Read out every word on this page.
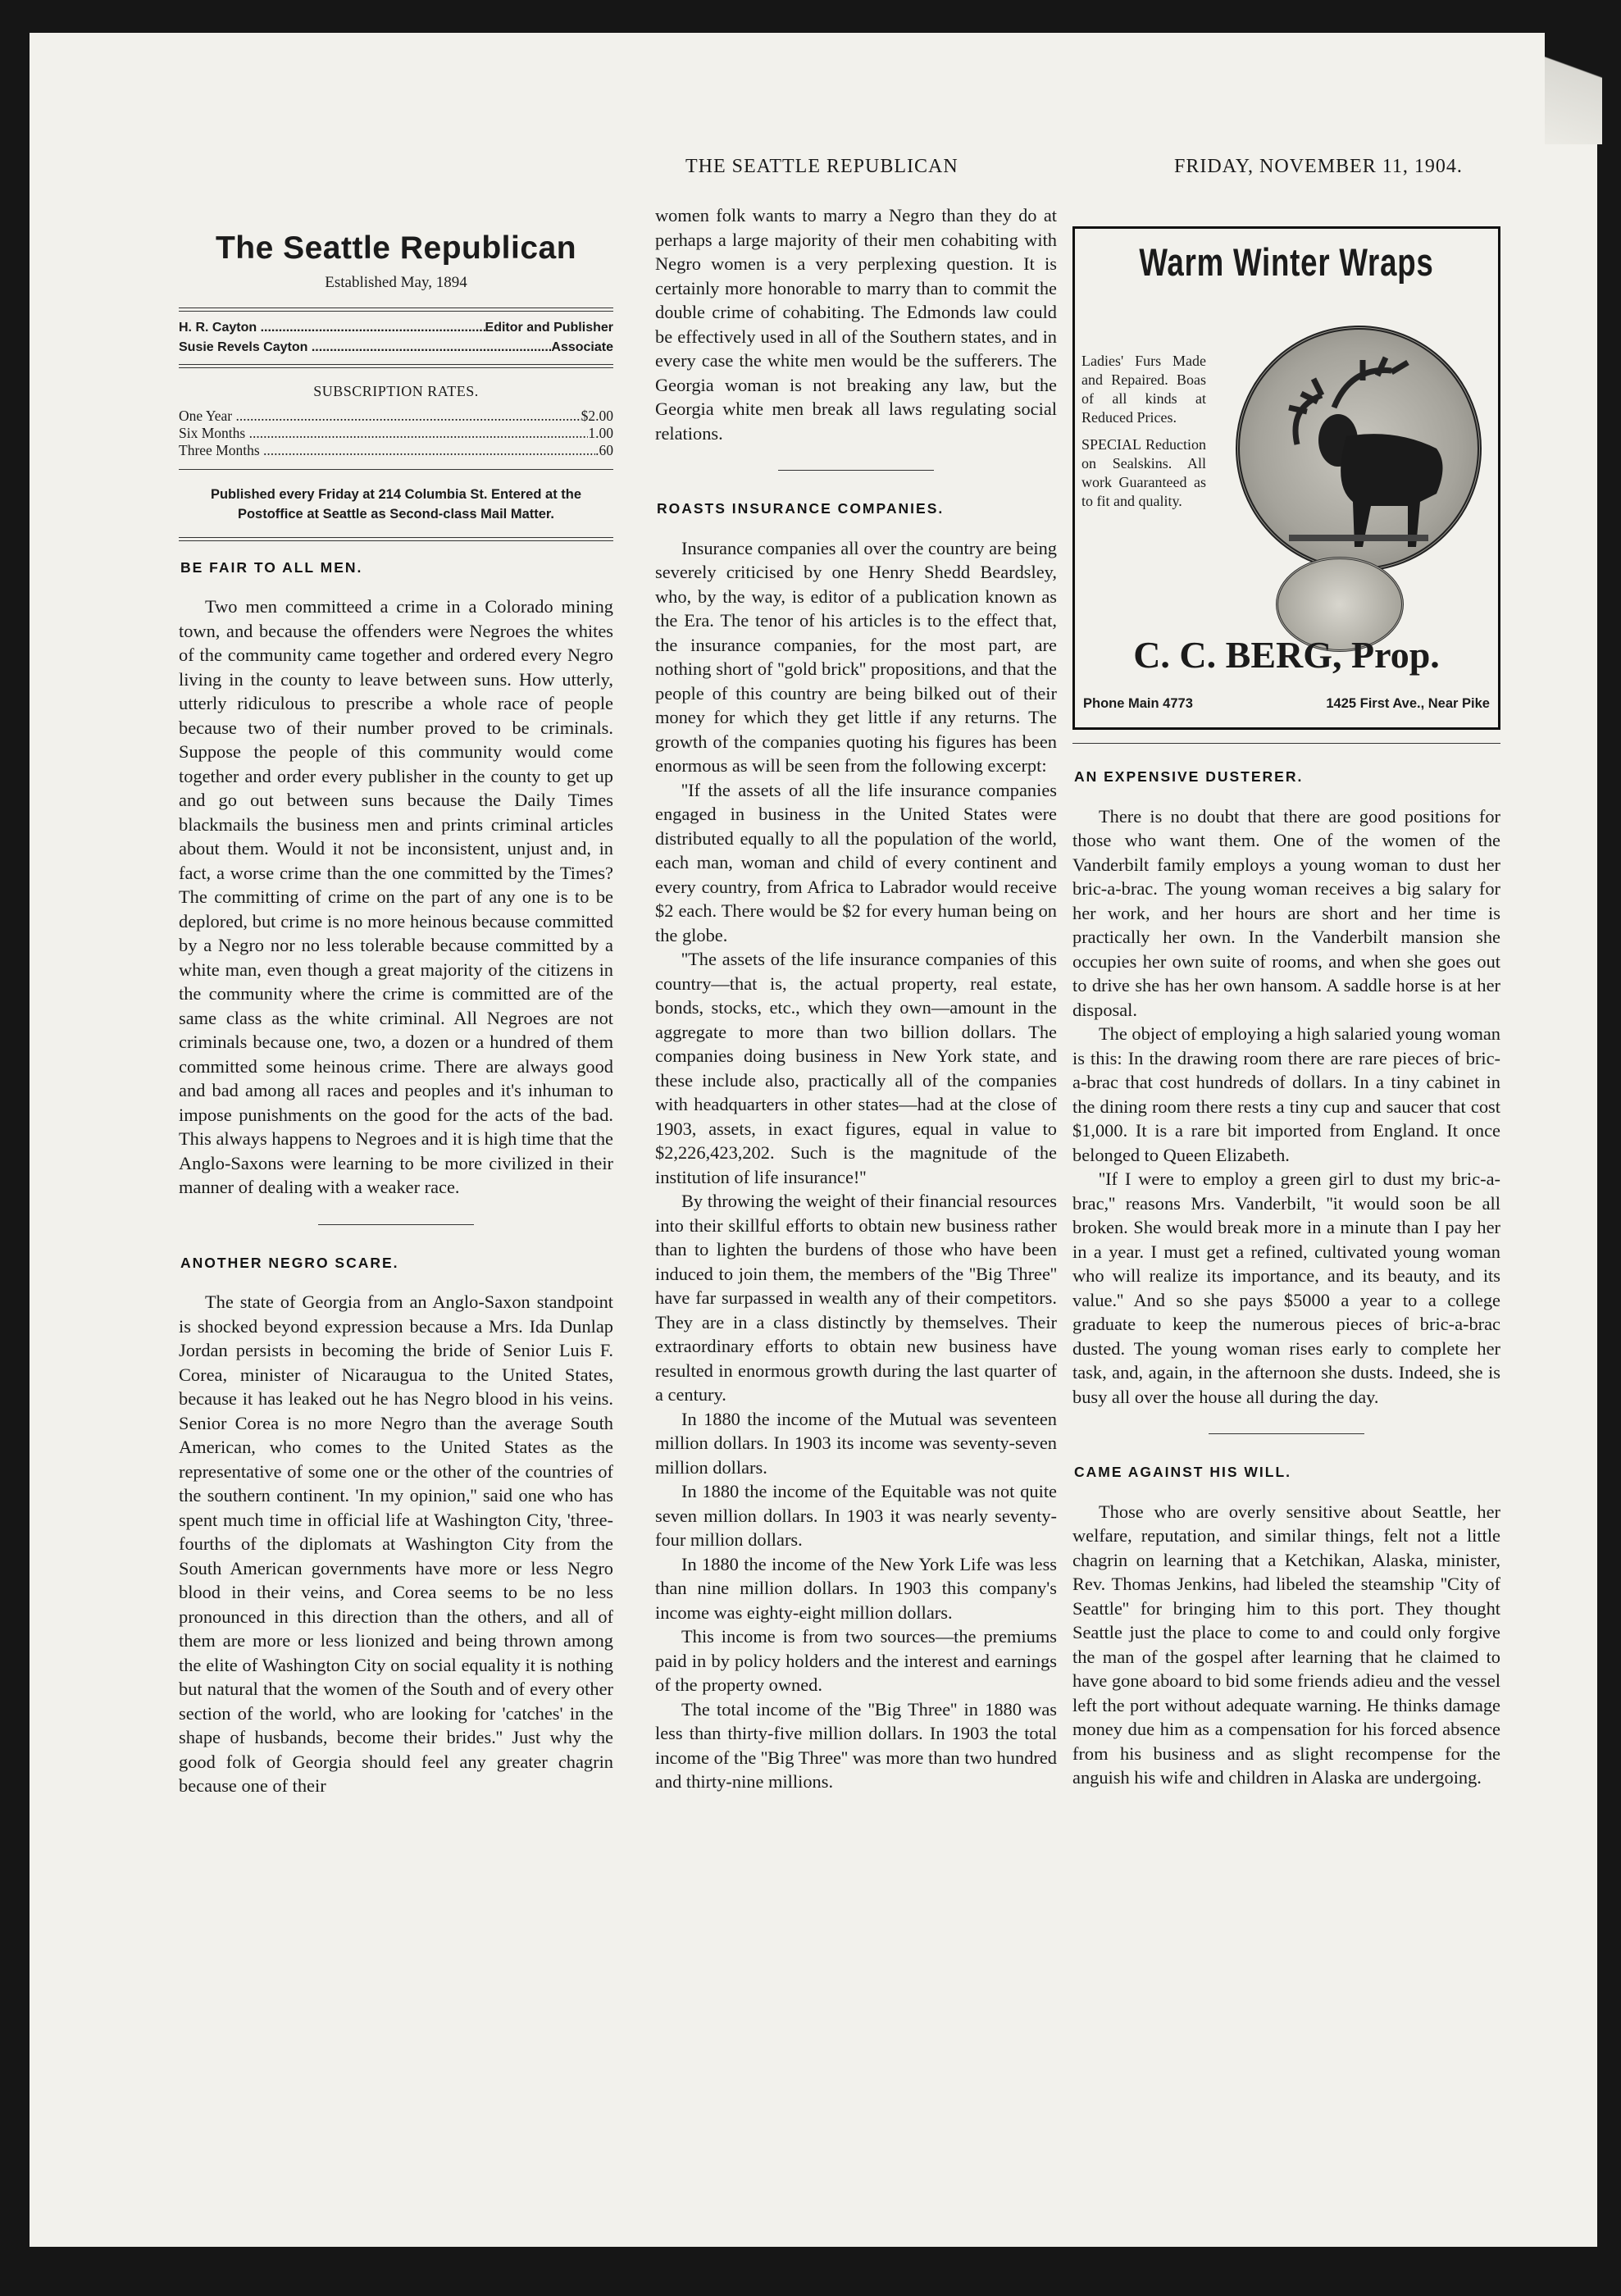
THE SEATTLE REPUBLICAN	FRIDAY, NOVEMBER 11, 1904.
The Seattle Republican
Established May, 1894
H. R. Cayton .....	Editor and Publisher
Susie Revels Cayton .....	Associate
SUBSCRIPTION RATES.
One Year .....	$2.00
Six Months .....	1.00
Three Months .....	.60
Published every Friday at 214 Columbia St. Entered at the Postoffice at Seattle as Second-class Mail Matter.
BE FAIR TO ALL MEN.

Two men committeed a crime in a Colorado mining town, and because the offenders were Negroes the whites of the community came together and ordered every Negro living in the county to leave between suns. How utterly, utterly ridiculous to prescribe a whole race of people because two of their number proved to be criminals. Suppose the people of this community would come together and order every publisher in the county to get up and go out between suns because the Daily Times blackmails the business men and prints criminal articles about them. Would it not be inconsistent, unjust and, in fact, a worse crime than the one committed by the Times? The committing of crime on the part of any one is to be deplored, but crime is no more heinous because committed by a Negro nor no less tolerable because committed by a white man, even though a great majority of the citizens in the community where the crime is committed are of the same class as the white criminal. All Negroes are not criminals because one, two, a dozen or a hundred of them committed some heinous crime. There are always good and bad among all races and peoples and it's inhuman to impose punishments on the good for the acts of the bad. This always happens to Negroes and it is high time that the Anglo-Saxons were learning to be more civilized in their manner of dealing with a weaker race.

ANOTHER NEGRO SCARE.

The state of Georgia from an Anglo-Saxon standpoint is shocked beyond expression because a Mrs. Ida Dunlap Jordan persists in becoming the bride of Senior Luis F. Corea, minister of Nicaraugua to the United States, because it has leaked out he has Negro blood in his veins. Senior Corea is no more Negro than the average South American, who comes to the United States as the representative of some one or the other of the countries of the southern continent. 'In my opinion,'' said one who has spent much time in official life at Washington City, 'three-fourths of the diplomats at Washington City from the South American governments have more or less Negro blood in their veins, and Corea seems to be no less pronounced in this direction than the others, and all of them are more or less lionized and being thrown among the elite of Washington City on social equality it is nothing but natural that the women of the South and of every other section of the world, who are looking for 'catches' in the shape of husbands, become their brides.'' Just why the good folk of Georgia should feel any greater chagrin because one of their

women folk wants to marry a Negro than they do at perhaps a large majority of their men cohabiting with Negro women is a very perplexing question. It is certainly more honorable to marry than to commit the double crime of cohabiting. The Edmonds law could be effectively used in all of the Southern states, and in every case the white men would be the sufferers. The Georgia woman is not breaking any law, but the Georgia white men break all laws regulating social relations.

ROASTS INSURANCE COMPANIES.

Insurance companies all over the country are being severely criticised by one Henry Shedd Beardsley, who, by the way, is editor of a publication known as the Era. The tenor of his articles is to the effect that, the insurance companies, for the most part, are nothing short of ''gold brick'' propositions, and that the people of this country are being bilked out of their money for which they get little if any returns. The growth of the companies quoting his figures has been enormous as will be seen from the following excerpt:

''If the assets of all the life insurance companies engaged in business in the United States were distributed equally to all the population of the world, each man, woman and child of every continent and every country, from Africa to Labrador would receive $2 each. There would be $2 for every human being on the globe.

''The assets of the life insurance companies of this country—that is, the actual property, real estate, bonds, stocks, etc., which they own—amount in the aggregate to more than two billion dollars. The companies doing business in New York state, and these include also, practically all of the companies with headquarters in other states—had at the close of 1903, assets, in exact figures, equal in value to $2,226,423,202. Such is the magnitude of the institution of life insurance!''

By throwing the weight of their financial resources into their skillful efforts to obtain new business rather than to lighten the burdens of those who have been induced to join them, the members of the ''Big Three'' have far surpassed in wealth any of their competitors. They are in a class distinctly by themselves. Their extraordinary efforts to obtain new business have resulted in enormous growth during the last quarter of a century.

In 1880 the income of the Mutual was seventeen million dollars. In 1903 its income was seventy-seven million dollars.

In 1880 the income of the Equitable was not quite seven million dollars. In 1903 it was nearly seventy-four million dollars.

In 1880 the income of the New York Life was less than nine million dollars. In 1903 this company's income was eighty-eight million dollars.

This income is from two sources—the premiums paid in by policy holders and the interest and earnings of the property owned.

The total income of the ''Big Three'' in 1880 was less than thirty-five million dollars. In 1903 the total income of the ''Big Three'' was more than two hundred and thirty-nine millions.

Warm Winter Wraps

Ladies' Furs Made and Repaired. Boas of all kinds at Reduced Prices.

SPECIAL Reduction on Sealskins. All work Guaranteed as to fit and quality.

C. C. BERG, Prop.
Phone Main 4773	1425 First Ave., Near Pike
AN EXPENSIVE DUSTERER.

There is no doubt that there are good positions for those who want them. One of the women of the Vanderbilt family employs a young woman to dust her bric-a-brac. The young woman receives a big salary for her work, and her hours are short and her time is practically her own. In the Vanderbilt mansion she occupies her own suite of rooms, and when she goes out to drive she has her own hansom. A saddle horse is at her disposal.

The object of employing a high salaried young woman is this: In the drawing room there are rare pieces of bric-a-brac that cost hundreds of dollars. In a tiny cabinet in the dining room there rests a tiny cup and saucer that cost $1,000. It is a rare bit imported from England. It once belonged to Queen Elizabeth.

''If I were to employ a green girl to dust my bric-a-brac,'' reasons Mrs. Vanderbilt, ''it would soon be all broken. She would break more in a minute than I pay her in a year. I must get a refined, cultivated young woman who will realize its importance, and its beauty, and its value.'' And so she pays $5000 a year to a college graduate to keep the numerous pieces of bric-a-brac dusted. The young woman rises early to complete her task, and, again, in the afternoon she dusts. Indeed, she is busy all over the house all during the day.

CAME AGAINST HIS WILL.

Those who are overly sensitive about Seattle, her welfare, reputation, and similar things, felt not a little chagrin on learning that a Ketchikan, Alaska, minister, Rev. Thomas Jenkins, had libeled the steamship ''City of Seattle'' for bringing him to this port. They thought Seattle just the place to come to and could only forgive the man of the gospel after learning that he claimed to have gone aboard to bid some friends adieu and the vessel left the port without adequate warning. He thinks damage money due him as a compensation for his forced absence from his business and as slight recompense for the anguish his wife and children in Alaska are undergoing.
